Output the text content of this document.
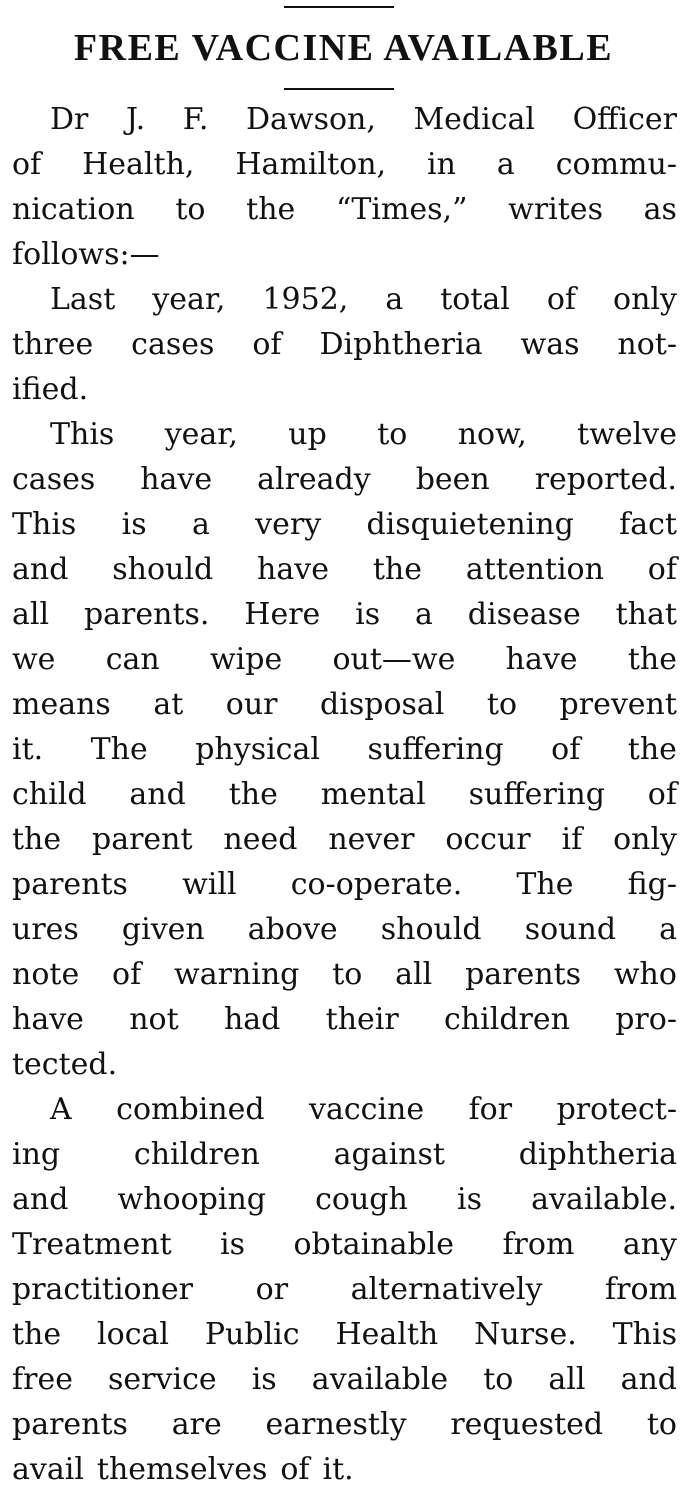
FREE VACCINE AVAILABLE
Dr J. F. Dawson, Medical Officer
of Health, Hamilton, in a commu-
nication to the “Times,” writes as
follows:—
Last year, 1952, a total of only
three cases of Diphtheria was not-
ified.
This year, up to now, twelve
cases have already been reported.
This is a very disquietening fact
and should have the attention of
all parents. Here is a disease that
we can wipe out—we have the
means at our disposal to prevent
it. The physical suffering of the
child and the mental suffering of
the parent need never occur if only
parents will co-operate. The fig-
ures given above should sound a
note of warning to all parents who
have not had their children pro-
tected.
A combined vaccine for protect-
ing children against diphtheria
and whooping cough is available.
Treatment is obtainable from any
practitioner or alternatively from
the local Public Health Nurse. This
free service is available to all and
parents are earnestly requested to
avail themselves of it.
